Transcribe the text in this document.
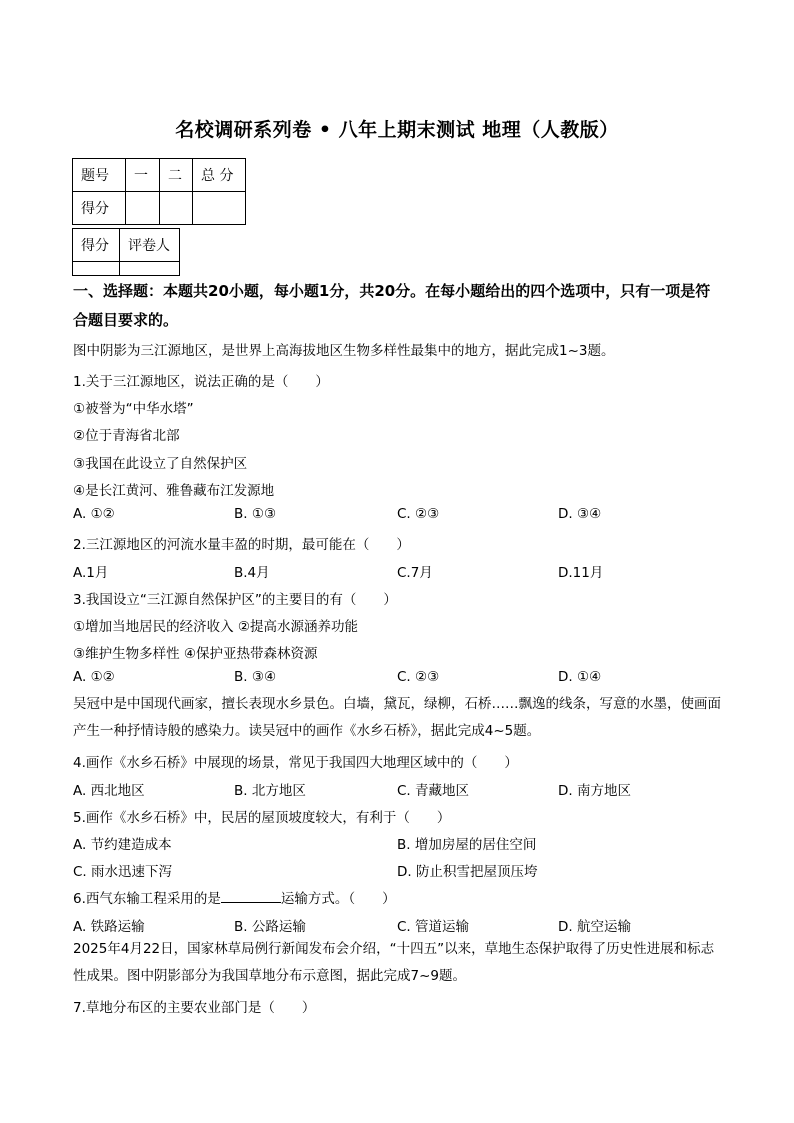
名校调研系列卷 • 八年上期末测试 地理（人教版）
题号	一	二	总 分
得分			
得分	评卷人

一、选择题：本题共20小题，每小题1分，共20分。在每小题给出的四个选项中，只有一项是符合题目要求的。
图中阴影为三江源地区，是世界上高海拔地区生物多样性最集中的地方，据此完成1~3题。
1.关于三江源地区，说法正确的是（　　）
①被誉为“中华水塔”
②位于青海省北部
③我国在此设立了自然保护区
④是长江黄河、雅鲁藏布江发源地
A. ①②	B. ①③	C. ②③	D. ③④
2.三江源地区的河流水量丰盈的时期，最可能在（　　）
A.1月	B.4月	C.7月	D.11月
3.我国设立“三江源自然保护区”的主要目的有（　　）
①增加当地居民的经济收入 ②提高水源涵养功能
③维护生物多样性 ④保护亚热带森林资源
A. ①②	B. ③④	C. ②③	D. ①④
吴冠中是中国现代画家，擅长表现水乡景色。白墙，黛瓦，绿柳，石桥……飘逸的线条，写意的水墨，使画面产生一种抒情诗般的感染力。读吴冠中的画作《水乡石桥》，据此完成4~5题。
4.画作《水乡石桥》中展现的场景，常见于我国四大地理区域中的（　　）
A. 西北地区	B. 北方地区	C. 青藏地区	D. 南方地区
5.画作《水乡石桥》中，民居的屋顶坡度较大，有利于（　　）
A. 节约建造成本	B. 增加房屋的居住空间
C. 雨水迅速下泻	D. 防止积雪把屋顶压垮
6.西气东输工程采用的是	运输方式。（　　）
A. 铁路运输	B. 公路运输	C. 管道运输	D. 航空运输
2025年4月22日，国家林草局例行新闻发布会介绍，“十四五”以来，草地生态保护取得了历史性进展和标志性成果。图中阴影部分为我国草地分布示意图，据此完成7~9题。
7.草地分布区的主要农业部门是（　　）
